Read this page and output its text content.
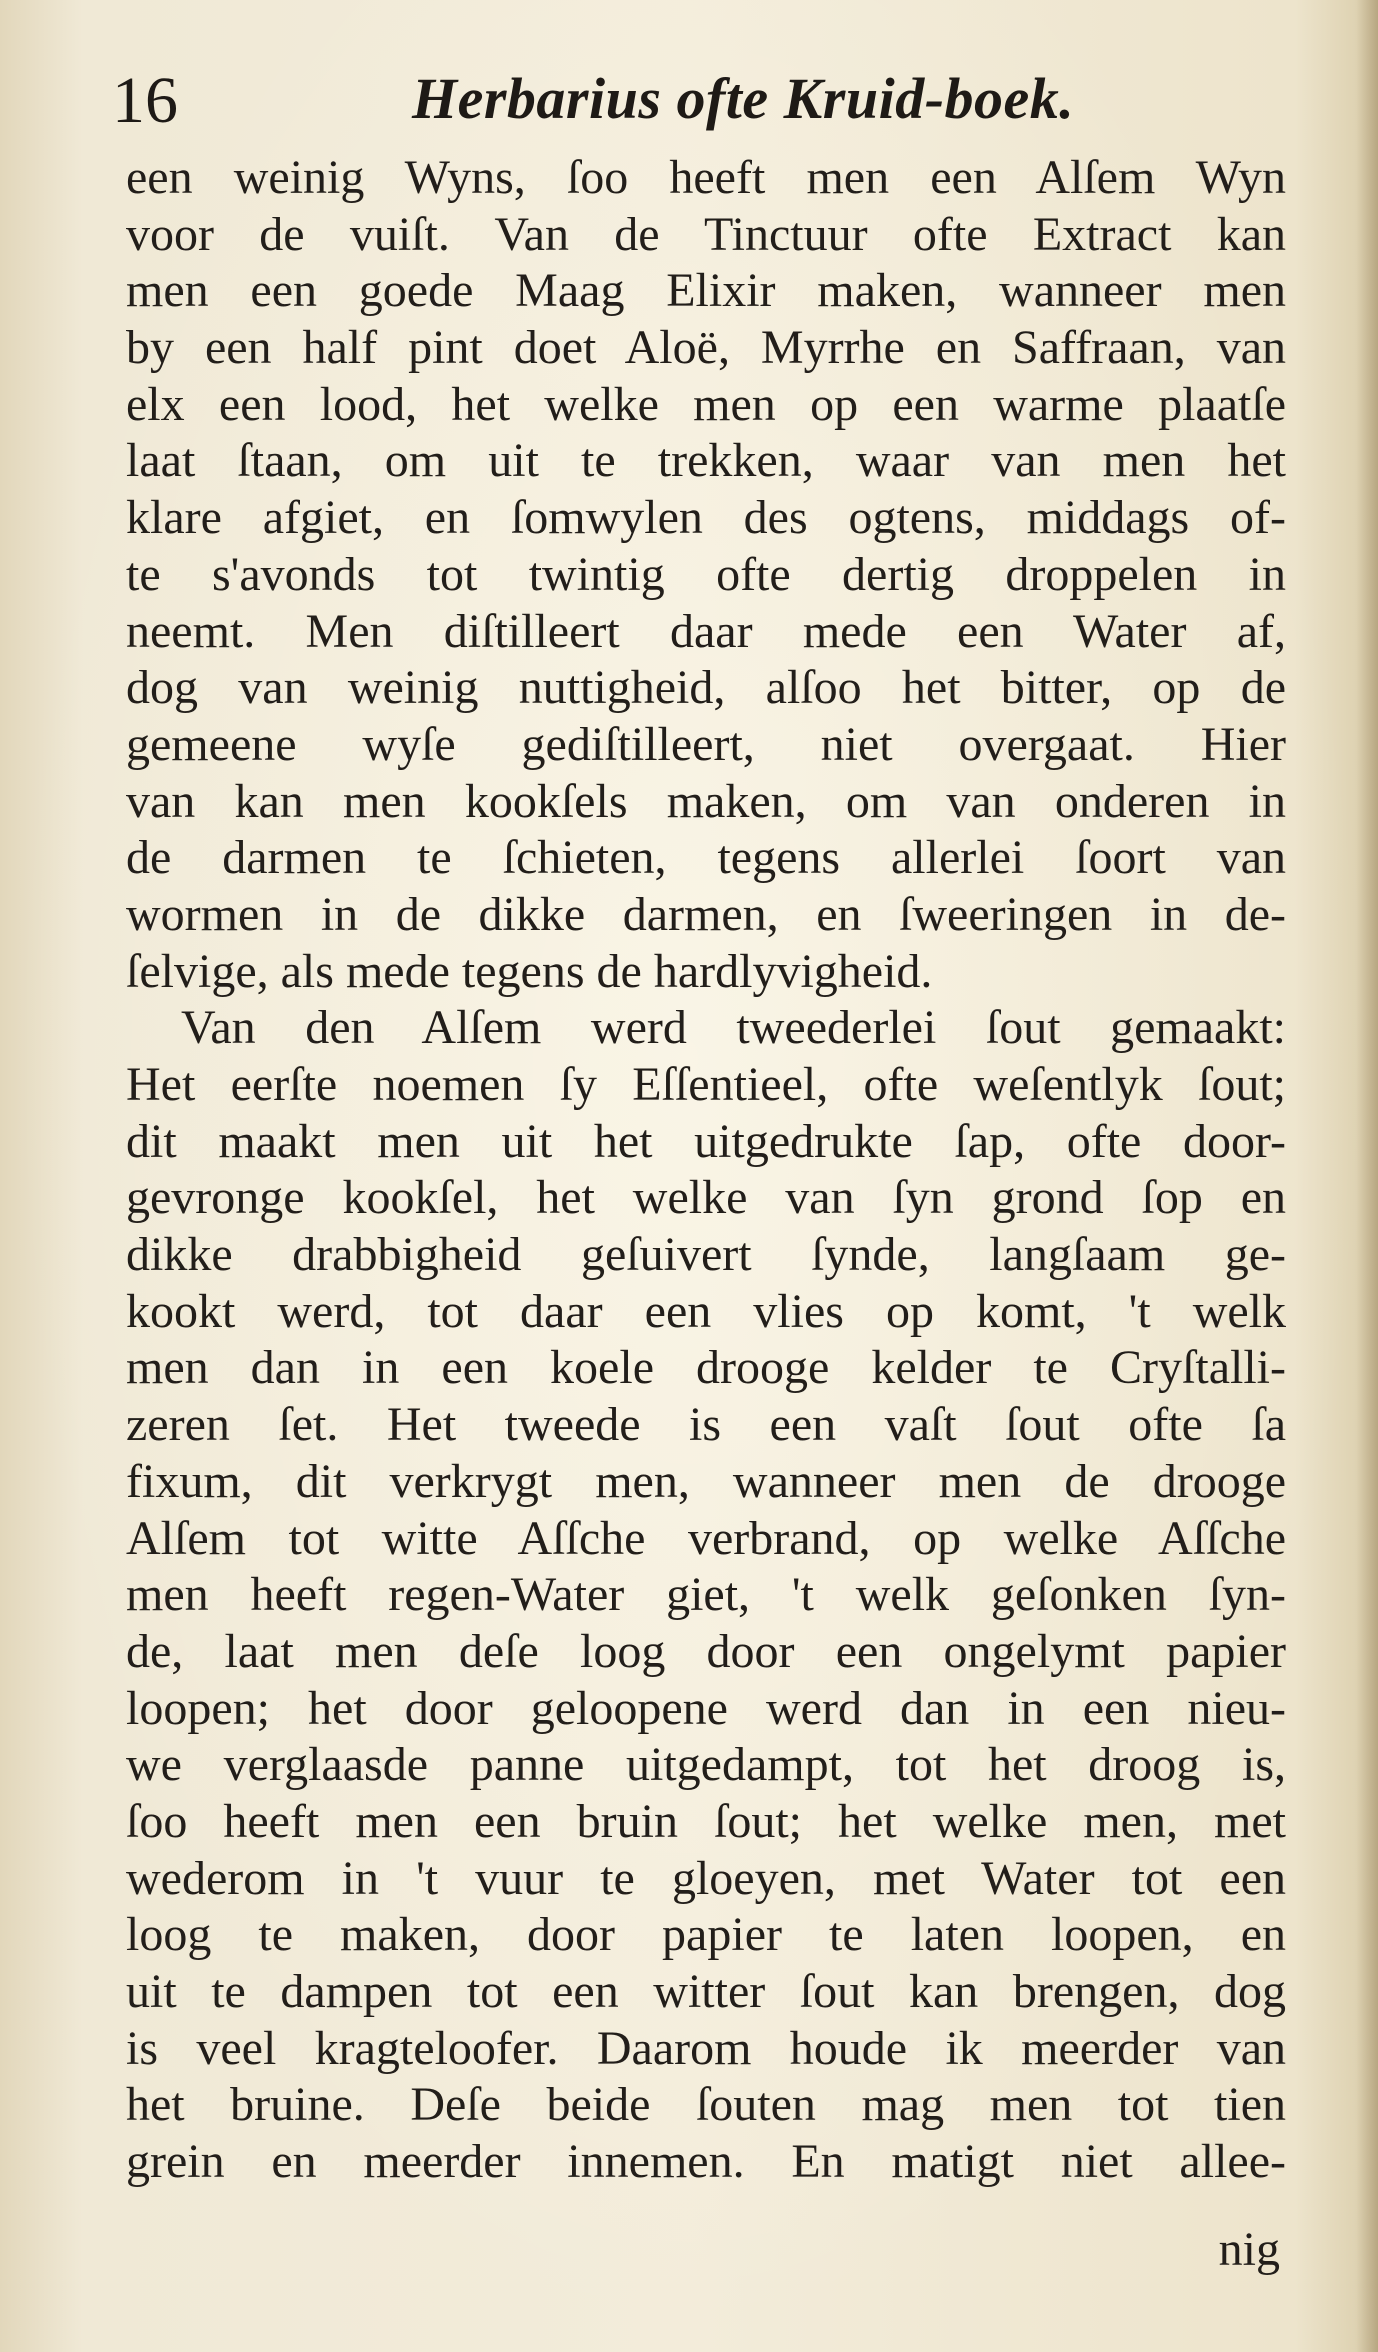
16	Herbarius ofte Kruid-boek.
een weinig Wyns, ſoo heeft men een Alſem Wyn
voor de vuiſt. Van de Tinctuur ofte Extract kan
men een goede Maag Elixir maken, wanneer men
by een half pint doet Aloë, Myrrhe en Saffraan, van
elx een lood, het welke men op een warme plaatſe
laat ſtaan, om uit te trekken, waar van men het
klare afgiet, en ſomwylen des ogtens, middags of-
te s'avonds tot twintig ofte dertig droppelen in
neemt. Men diſtilleert daar mede een Water af,
dog van weinig nuttigheid, alſoo het bitter, op de
gemeene wyſe gediſtilleert, niet overgaat. Hier
van kan men kookſels maken, om van onderen in
de darmen te ſchieten, tegens allerlei ſoort van
wormen in de dikke darmen, en ſweeringen in de-
ſelvige, als mede tegens de hardlyvigheid.
Van den Alſem werd tweederlei ſout gemaakt:
Het eerſte noemen ſy Eſſentieel, ofte weſentlyk ſout;
dit maakt men uit het uitgedrukte ſap, ofte door-
gevronge kookſel, het welke van ſyn grond ſop en
dikke drabbigheid geſuivert ſynde, langſaam ge-
kookt werd, tot daar een vlies op komt, 't welk
men dan in een koele drooge kelder te Cryſtalli-
zeren ſet. Het tweede is een vaſt ſout ofte ſa
fixum, dit verkrygt men, wanneer men de drooge
Alſem tot witte Aſſche verbrand, op welke Aſſche
men heeft regen-Water giet, 't welk geſonken ſyn-
de, laat men deſe loog door een ongelymt papier
loopen; het door geloopene werd dan in een nieu-
we verglaasde panne uitgedampt, tot het droog is,
ſoo heeft men een bruin ſout; het welke men, met
wederom in 't vuur te gloeyen, met Water tot een
loog te maken, door papier te laten loopen, en
uit te dampen tot een witter ſout kan brengen, dog
is veel kragteloofer. Daarom houde ik meerder van
het bruine. Deſe beide ſouten mag men tot tien
grein en meerder innemen. En matigt niet allee-
nig
